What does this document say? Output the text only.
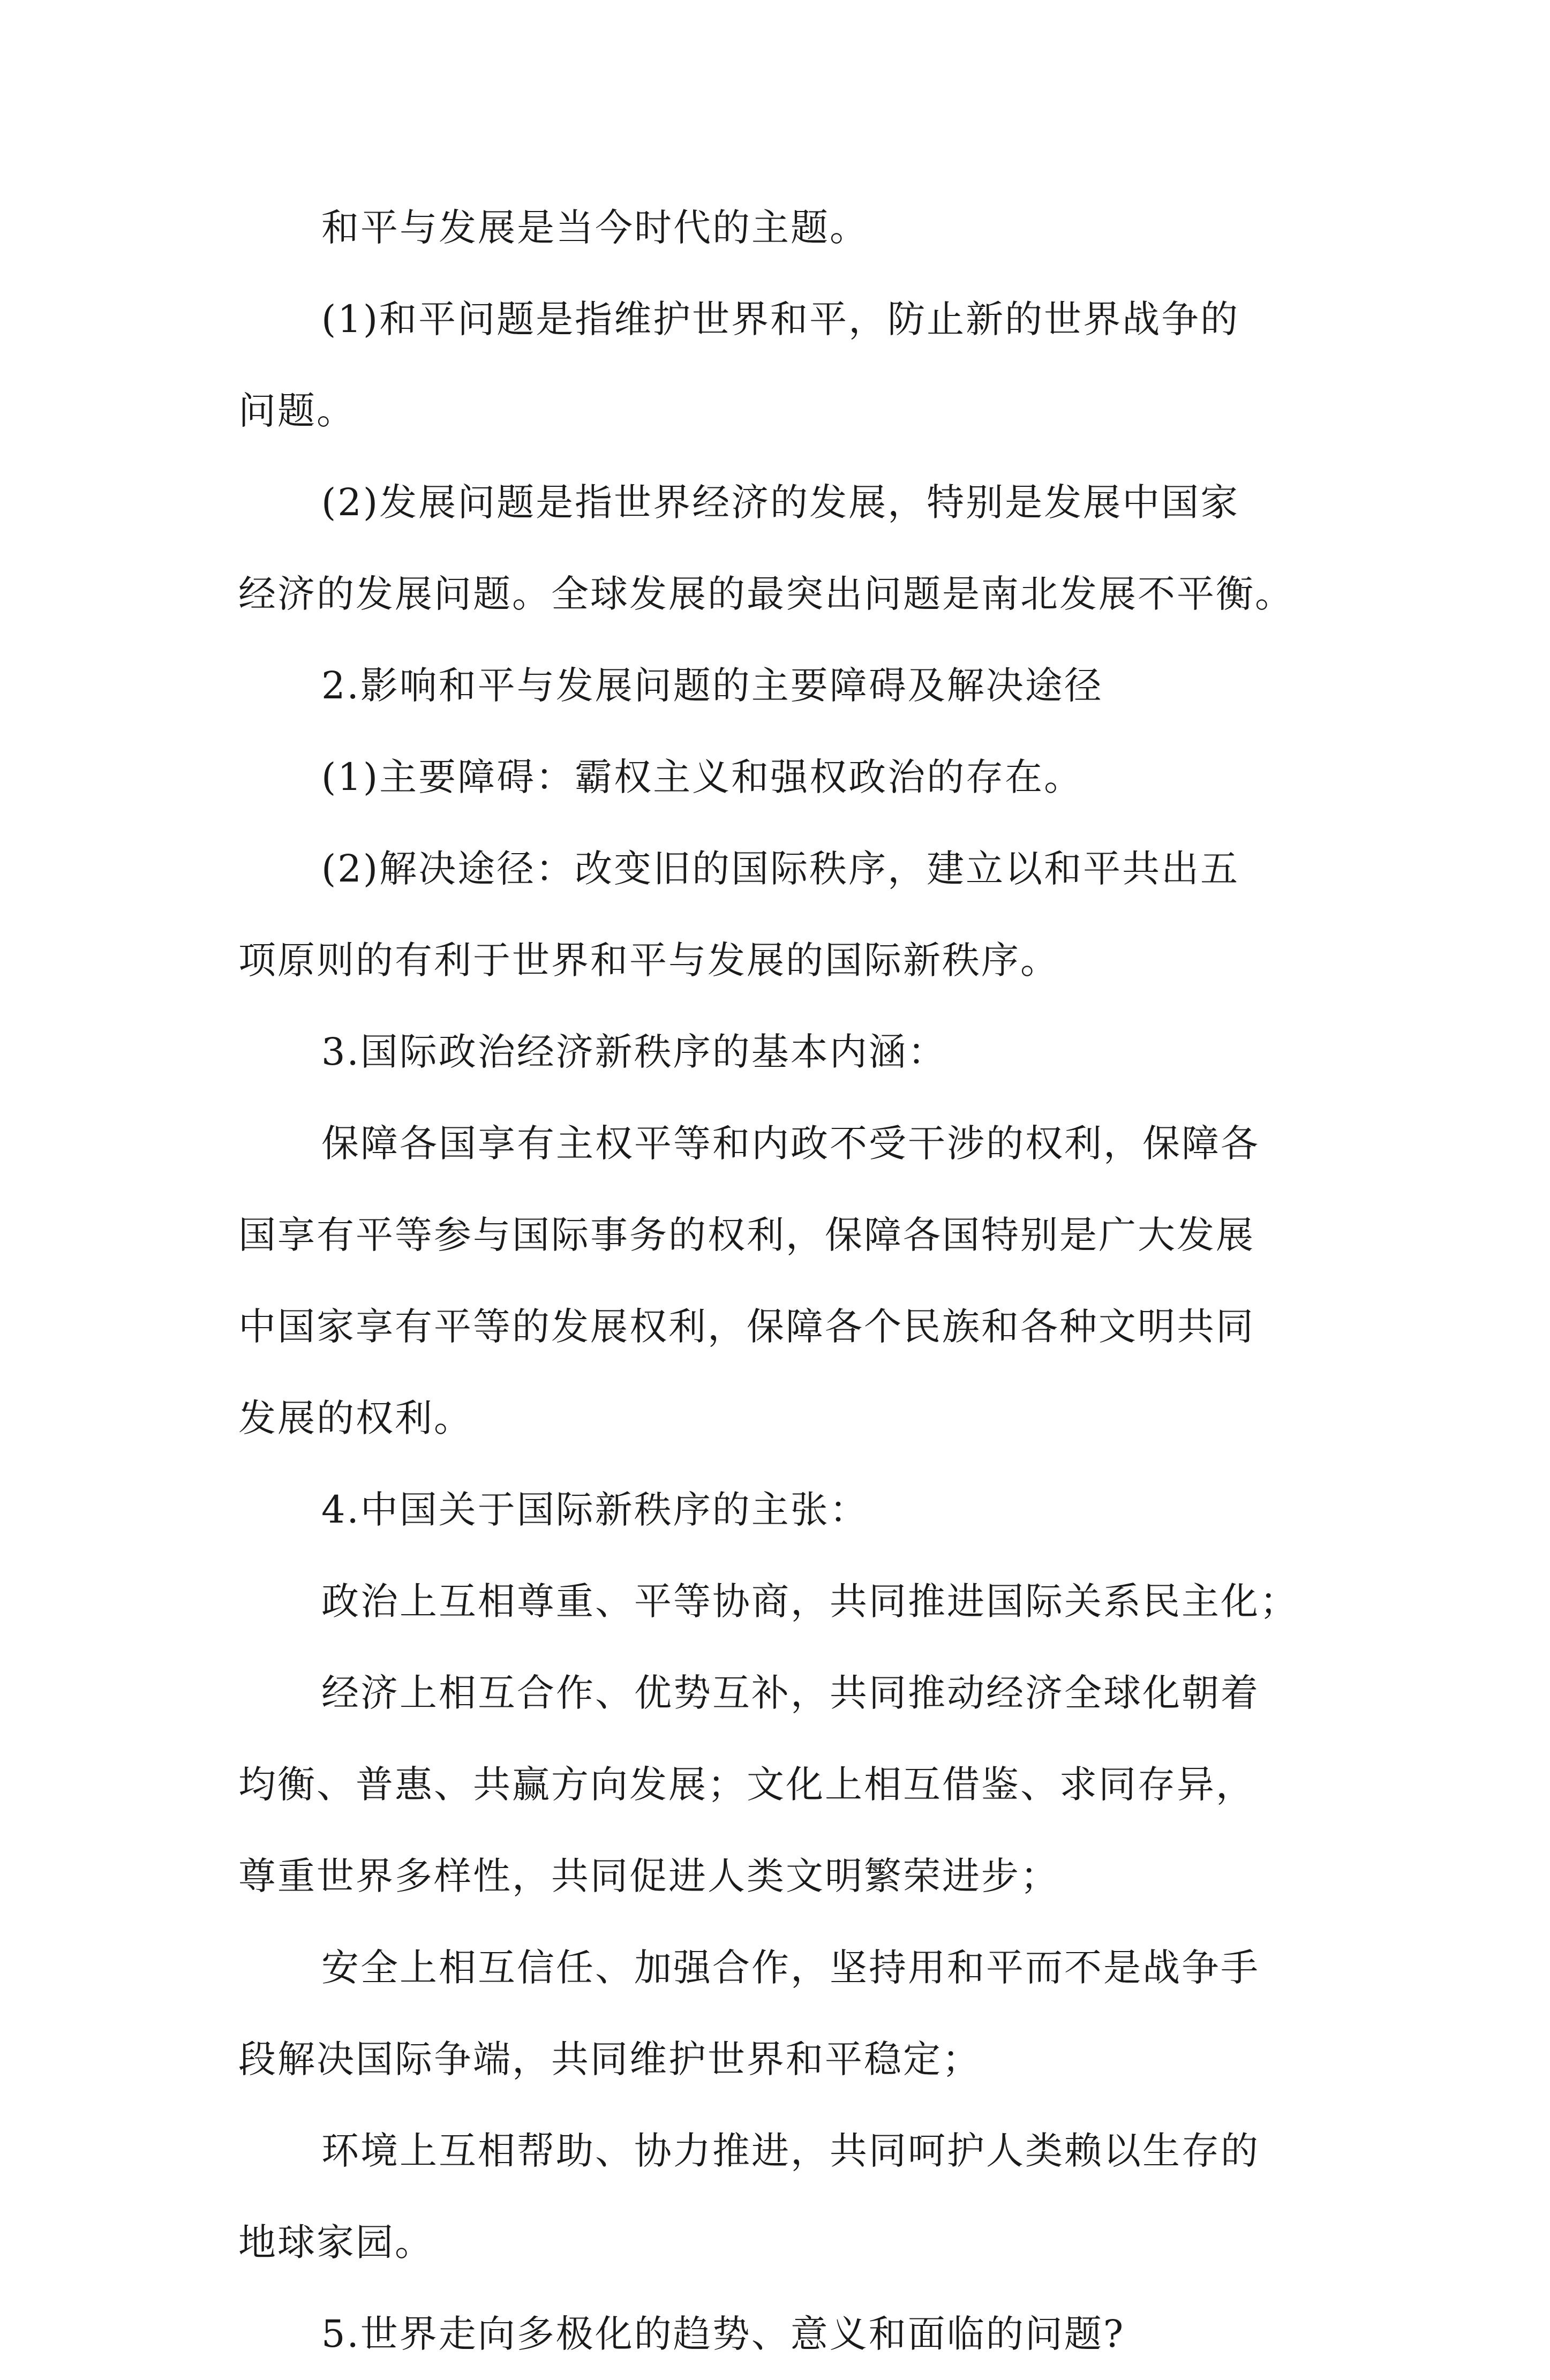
和平与发展是当今时代的主题。
(1)和平问题是指维护世界和平，防止新的世界战争的
问题。
(2)发展问题是指世界经济的发展，特别是发展中国家
经济的发展问题。全球发展的最突出问题是南北发展不平衡。
2.影响和平与发展问题的主要障碍及解决途径
(1)主要障碍：霸权主义和强权政治的存在。
(2)解决途径：改变旧的国际秩序，建立以和平共出五
项原则的有利于世界和平与发展的国际新秩序。
3.国际政治经济新秩序的基本内涵：
保障各国享有主权平等和内政不受干涉的权利，保障各
国享有平等参与国际事务的权利，保障各国特别是广大发展
中国家享有平等的发展权利，保障各个民族和各种文明共同
发展的权利。
4.中国关于国际新秩序的主张：
政治上互相尊重、平等协商，共同推进国际关系民主化；
经济上相互合作、优势互补，共同推动经济全球化朝着
均衡、普惠、共赢方向发展；文化上相互借鉴、求同存异，
尊重世界多样性，共同促进人类文明繁荣进步；
安全上相互信任、加强合作，坚持用和平而不是战争手
段解决国际争端，共同维护世界和平稳定；
环境上互相帮助、协力推进，共同呵护人类赖以生存的
地球家园。
5.世界走向多极化的趋势、意义和面临的问题?
